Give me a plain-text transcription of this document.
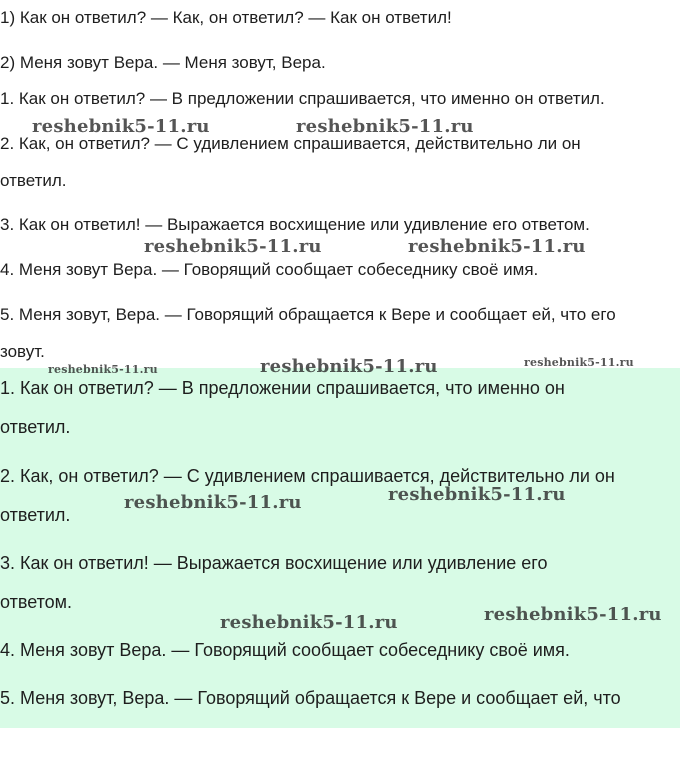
1) Как он ответил? — Как, он ответил? — Как он ответил!

2) Меня зовут Вера. — Меня зовут, Вера.

1. Как он ответил? — В предложении спрашивается, что именно он ответил.

2. Как, он ответил? — С удивлением спрашивается, действительно ли он

ответил.

3. Как он ответил! — Выражается восхищение или удивление его ответом.

4. Меня зовут Вера. — Говорящий сообщает собеседнику своё имя.

5. Меня зовут, Вера. — Говорящий обращается к Вере и сообщает ей, что его

зовут.

1. Как он ответил? — В предложении спрашивается, что именно он

ответил.

2. Как, он ответил? — С удивлением спрашивается, действительно ли он

ответил.

3. Как он ответил! — Выражается восхищение или удивление его

ответом.

4. Меня зовут Вера. — Говорящий сообщает собеседнику своё имя.

5. Меня зовут, Вера. — Говорящий обращается к Вере и сообщает ей, что

reshebnik5-11.ru	reshebnik5-11.ru
reshebnik5-11.ru	reshebnik5-11.ru
reshebnik5-11.ru	reshebnik5-11.ru	reshebnik5-11.ru
reshebnik5-11.ru
reshebnik5-11.ru
reshebnik5-11.ru
reshebnik5-11.ru
